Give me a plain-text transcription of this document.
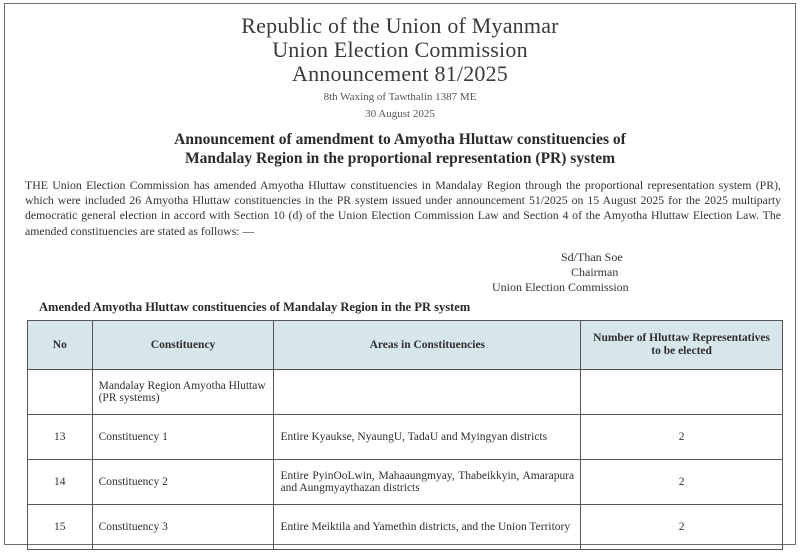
Republic of the Union of Myanmar
Union Election Commission
Announcement 81/2025
8th Waxing of Tawthalin 1387 ME
30 August 2025
Announcement of amendment to Amyotha Hluttaw constituencies of
Mandalay Region in the proportional representation (PR) system
THE Union Election Commission has amended Amyotha Hluttaw constituencies in Mandalay Region through the proportional representation system (PR), which were included 26 Amyotha Hluttaw constituencies in the PR system issued under announcement 51/2025 on 15 August 2025 for the 2025 multiparty democratic general election in accord with Section 10 (d) of the Union Election Commission Law and Section 4 of the Amyotha Hluttaw Election Law. The amended constituencies are stated as follows: —
Sd/Than Soe
Chairman
Union Election Commission
Amended Amyotha Hluttaw constituencies of Mandalay Region in the PR system
No	Constituency	Areas in Constituencies	Number of Hluttaw Representatives to be elected
	Mandalay Region Amyotha Hluttaw (PR systems)		
13	Constituency 1	Entire Kyaukse, NyaungU, TadaU and Myingyan districts	2
14	Constituency 2	Entire PyinOoLwin, Mahaaungmyay, Thabeikkyin, Amarapura and Aungmyaythazan districts	2
15	Constituency 3	Entire Meiktila and Yamethin districts, and the Union Territory	2
